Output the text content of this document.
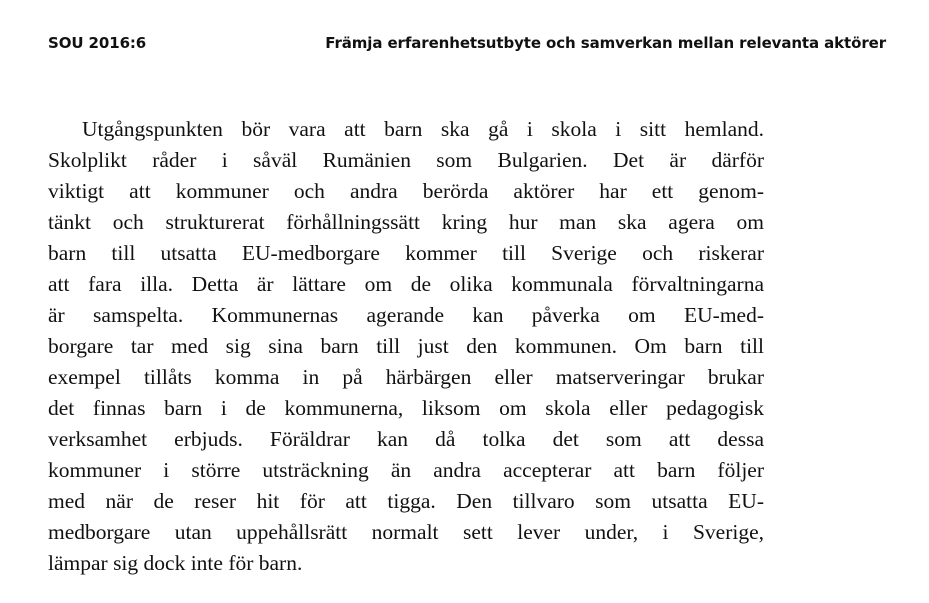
SOU 2016:6	Främja erfarenhetsutbyte och samverkan mellan relevanta aktörer
Utgångspunkten bör vara att barn ska gå i skola i sitt hemland.
Skolplikt råder i såväl Rumänien som Bulgarien. Det är därför
viktigt att kommuner och andra berörda aktörer har ett genom-
tänkt och strukturerat förhållningssätt kring hur man ska agera om
barn till utsatta EU-medborgare kommer till Sverige och riskerar
att fara illa. Detta är lättare om de olika kommunala förvaltningarna
är samspelta. Kommunernas agerande kan påverka om EU-med-
borgare tar med sig sina barn till just den kommunen. Om barn till
exempel tillåts komma in på härbärgen eller matserveringar brukar
det finnas barn i de kommunerna, liksom om skola eller pedagogisk
verksamhet erbjuds. Föräldrar kan då tolka det som att dessa
kommuner i större utsträckning än andra accepterar att barn följer
med när de reser hit för att tigga. Den tillvaro som utsatta EU-
medborgare utan uppehållsrätt normalt sett lever under, i Sverige,
lämpar sig dock inte för barn.
